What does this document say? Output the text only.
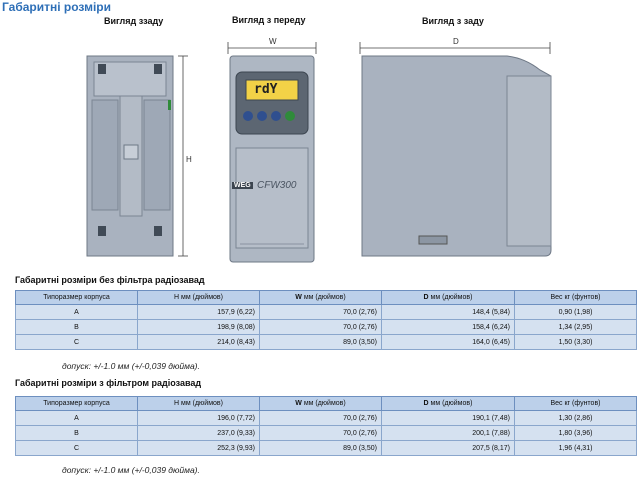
Габаритні розміри
Вигляд ззаду	Вигляд з переду	Вигляд з заду
H
W
rdY
WEG CFW300
D
Габаритні розміри без фільтра радіозавад
Типоразмер корпуса	Н мм (дюймов)	W мм (дюймов)	D мм (дюймов)	Вес кг (фунтов)
A	157,9 (6,22)	70,0 (2,76)	148,4 (5,84)	0,90 (1,98)
B	198,9 (8,08)	70,0 (2,76)	158,4 (6,24)	1,34 (2,95)
C	214,0 (8,43)	89,0 (3,50)	164,0 (6,45)	1,50 (3,30)
допуск: +/-1.0 мм (+/-0,039 дюйма).
Габаритні розміри з фільтром радіозавад
Типоразмер корпуса	Н мм (дюймов)	W мм (дюймов)	D мм (дюймов)	Вес кг (фунтов)
A	196,0 (7,72)	70,0 (2,76)	190,1 (7,48)	1,30 (2,86)
B	237,0 (9,33)	70,0 (2,76)	200,1 (7,88)	1,80 (3,96)
C	252,3 (9,93)	89,0 (3,50)	207,5 (8,17)	1,96 (4,31)
допуск: +/-1.0 мм (+/-0,039 дюйма).
